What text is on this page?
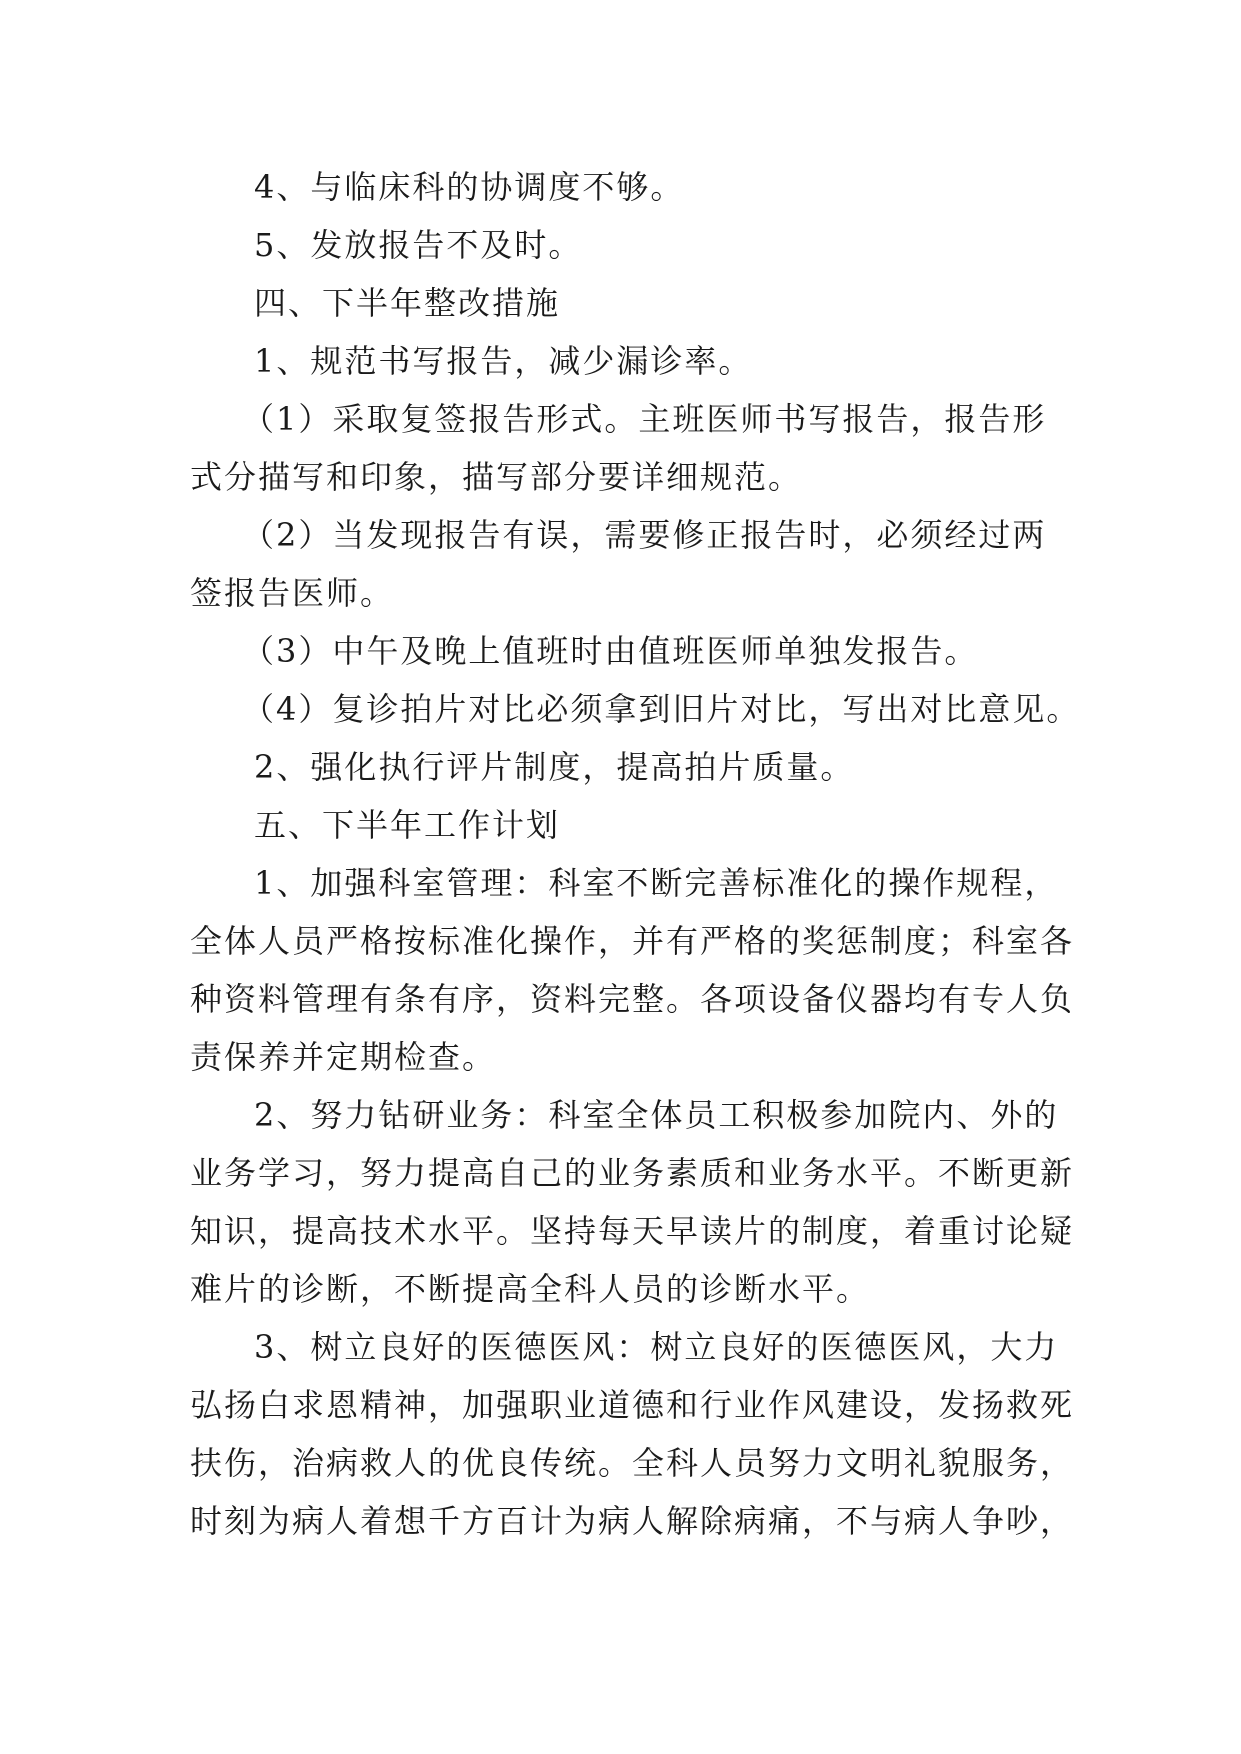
4、与临床科的协调度不够。
5、发放报告不及时。
四、下半年整改措施
1、规范书写报告，减少漏诊率。
（1）采取复签报告形式。主班医师书写报告，报告形
式分描写和印象，描写部分要详细规范。
（2）当发现报告有误，需要修正报告时，必须经过两
签报告医师。
（3）中午及晚上值班时由值班医师单独发报告。
（4）复诊拍片对比必须拿到旧片对比，写出对比意见。
2、强化执行评片制度，提高拍片质量。
五、下半年工作计划
1、加强科室管理：科室不断完善标准化的操作规程，
全体人员严格按标准化操作，并有严格的奖惩制度；科室各
种资料管理有条有序，资料完整。各项设备仪器均有专人负
责保养并定期检查。
2、努力钻研业务：科室全体员工积极参加院内、外的
业务学习，努力提高自己的业务素质和业务水平。不断更新
知识，提高技术水平。坚持每天早读片的制度，着重讨论疑
难片的诊断，不断提高全科人员的诊断水平。
3、树立良好的医德医风：树立良好的医德医风，大力
弘扬白求恩精神，加强职业道德和行业作风建设，发扬救死
扶伤，治病救人的优良传统。全科人员努力文明礼貌服务，
时刻为病人着想千方百计为病人解除病痛，不与病人争吵，
